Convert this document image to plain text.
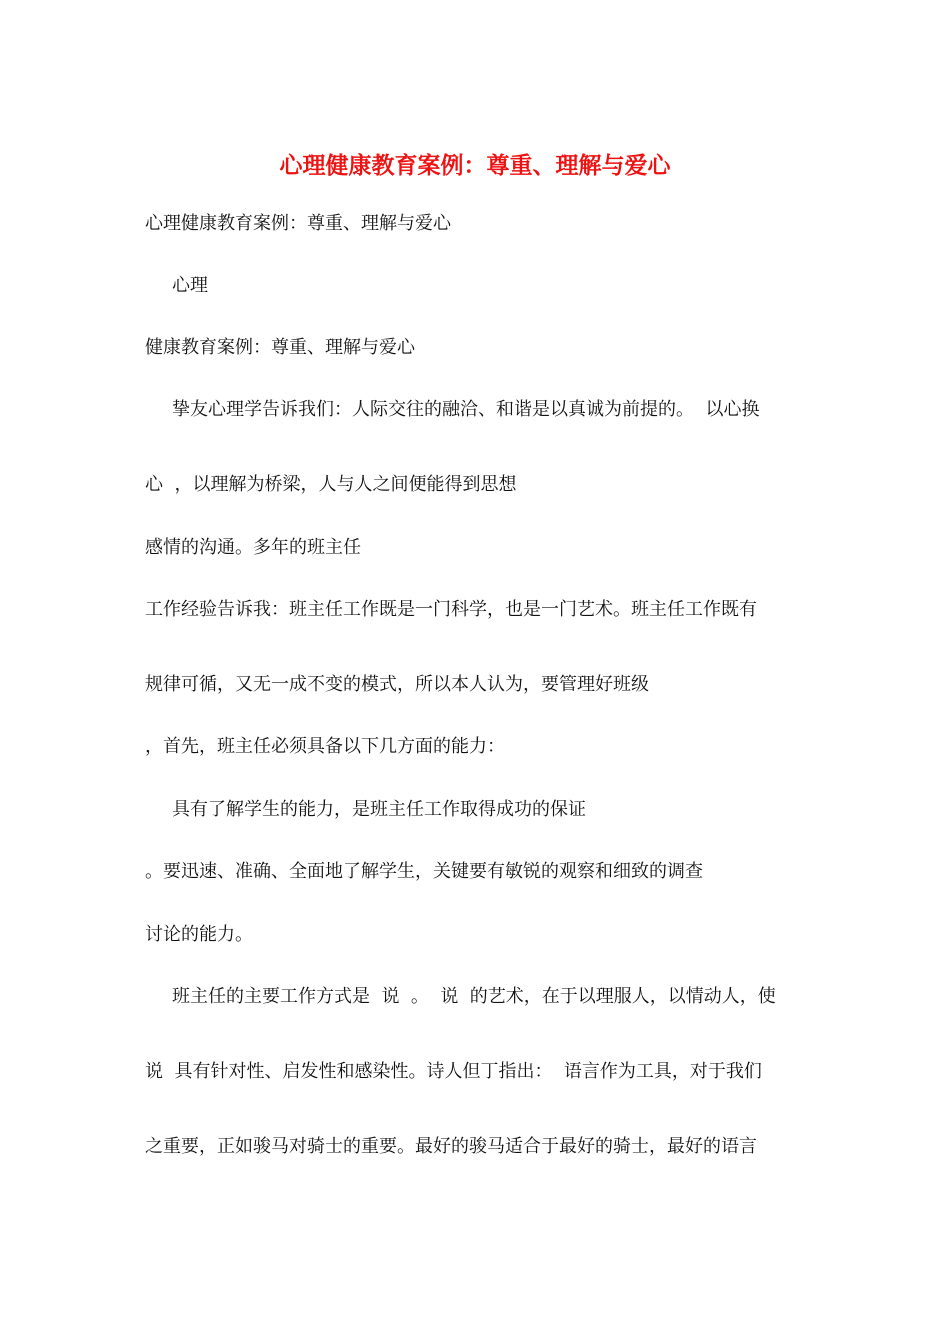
心理健康教育案例：尊重、理解与爱心

心理健康教育案例：尊重、理解与爱心

心理

健康教育案例：尊重、理解与爱心

挚友心理学告诉我们：人际交往的融洽、和谐是以真诚为前提的。  以心换

心  ，以理解为桥梁，人与人之间便能得到思想

感情的沟通。多年的班主任

工作经验告诉我：班主任工作既是一门科学，也是一门艺术。班主任工作既有

规律可循，又无一成不变的模式，所以本人认为，要管理好班级

，首先，班主任必须具备以下几方面的能力：

具有了解学生的能力，是班主任工作取得成功的保证

。要迅速、准确、全面地了解学生，关键要有敏锐的观察和细致的调查

讨论的能力。

班主任的主要工作方式是  说  。  说  的艺术，在于以理服人，以情动人，使

说  具有针对性、启发性和感染性。诗人但丁指出：  语言作为工具，对于我们

之重要，正如骏马对骑士的重要。最好的骏马适合于最好的骑士，最好的语言
